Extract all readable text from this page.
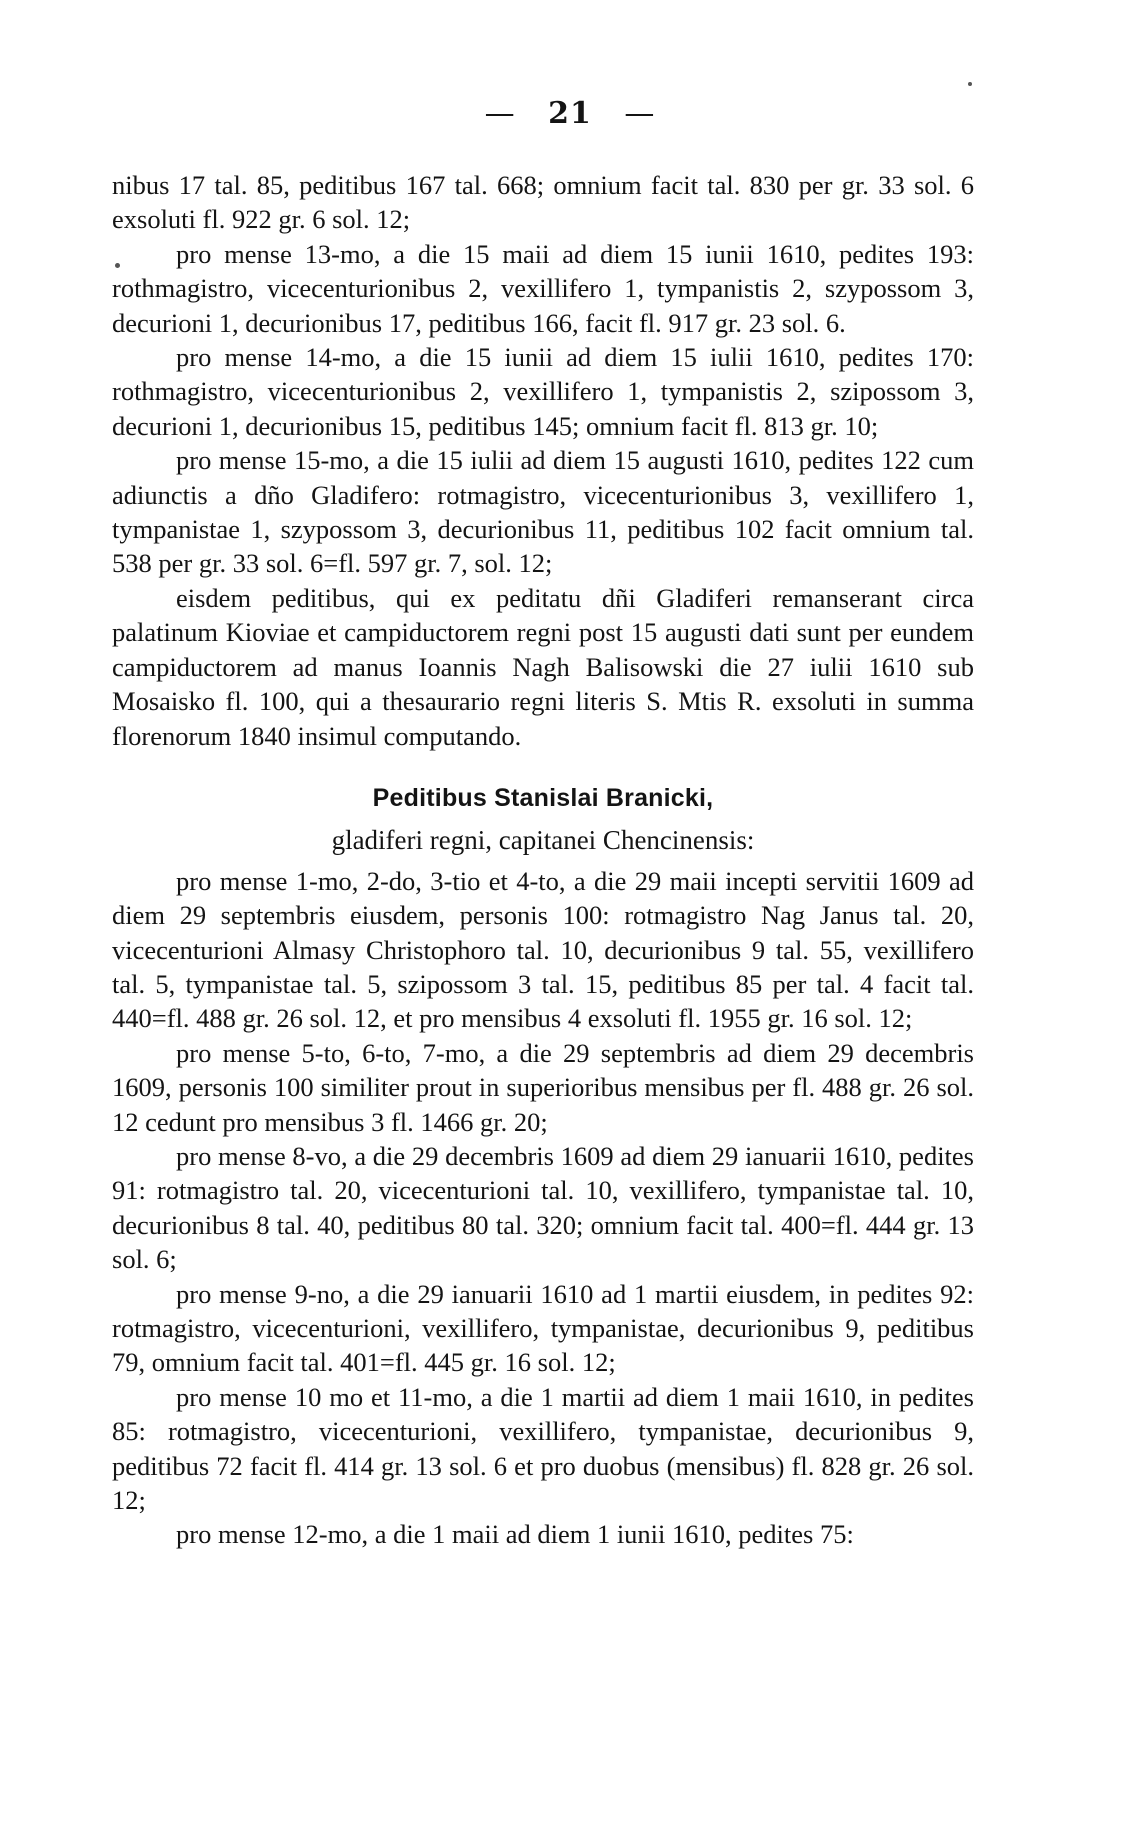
— 21 —

nibus 17 tal. 85, peditibus 167 tal. 668; omnium facit tal. 830 per gr. 33 sol. 6 exsoluti fl. 922 gr. 6 sol. 12;

pro mense 13-mo, a die 15 maii ad diem 15 iunii 1610, pedites 193: rothmagistro, vicecenturionibus 2, vexillifero 1, tympanistis 2, szypossom 3, decurioni 1, decurionibus 17, peditibus 166, facit fl. 917 gr. 23 sol. 6.

pro mense 14-mo, a die 15 iunii ad diem 15 iulii 1610, pedites 170: rothmagistro, vicecenturionibus 2, vexillifero 1, tympanistis 2, szipossom 3, decurioni 1, decurionibus 15, peditibus 145; omnium facit fl. 813 gr. 10;

pro mense 15-mo, a die 15 iulii ad diem 15 augusti 1610, pedites 122 cum adiunctis a dño Gladifero: rotmagistro, vicecenturionibus 3, vexillifero 1, tympanistae 1, szypossom 3, decurionibus 11, peditibus 102 facit omnium tal. 538 per gr. 33 sol. 6=fl. 597 gr. 7, sol. 12;

eisdem peditibus, qui ex peditatu dñi Gladiferi remanserant circa palatinum Kioviae et campiductorem regni post 15 augusti dati sunt per eundem campiductorem ad manus Ioannis Nagh Balisowski die 27 iulii 1610 sub Mosaisko fl. 100, qui a thesaurario regni literis S. Mtis R. exsoluti in summa florenorum 1840 insimul computando.

Peditibus Stanislai Branicki,

gladiferi regni, capitanei Chencinensis:

pro mense 1-mo, 2-do, 3-tio et 4-to, a die 29 maii incepti servitii 1609 ad diem 29 septembris eiusdem, personis 100: rotmagistro Nag Janus tal. 20, vicecenturioni Almasy Christophoro tal. 10, decurionibus 9 tal. 55, vexillifero tal. 5, tympanistae tal. 5, szipossom 3 tal. 15, peditibus 85 per tal. 4 facit tal. 440=fl. 488 gr. 26 sol. 12, et pro mensibus 4 exsoluti fl. 1955 gr. 16 sol. 12;

pro mense 5-to, 6-to, 7-mo, a die 29 septembris ad diem 29 decembris 1609, personis 100 similiter prout in superioribus mensibus per fl. 488 gr. 26 sol. 12 cedunt pro mensibus 3 fl. 1466 gr. 20;

pro mense 8-vo, a die 29 decembris 1609 ad diem 29 ianuarii 1610, pedites 91: rotmagistro tal. 20, vicecenturioni tal. 10, vexillifero, tympanistae tal. 10, decurionibus 8 tal. 40, peditibus 80 tal. 320; omnium facit tal. 400=fl. 444 gr. 13 sol. 6;

pro mense 9-no, a die 29 ianuarii 1610 ad 1 martii eiusdem, in pedites 92: rotmagistro, vicecenturioni, vexillifero, tympanistae, decurionibus 9, peditibus 79, omnium facit tal. 401=fl. 445 gr. 16 sol. 12;

pro mense 10 mo et 11-mo, a die 1 martii ad diem 1 maii 1610, in pedites 85: rotmagistro, vicecenturioni, vexillifero, tympanistae, decurionibus 9, peditibus 72 facit fl. 414 gr. 13 sol. 6 et pro duobus (mensibus) fl. 828 gr. 26 sol. 12;

pro mense 12-mo, a die 1 maii ad diem 1 iunii 1610, pedites 75:
